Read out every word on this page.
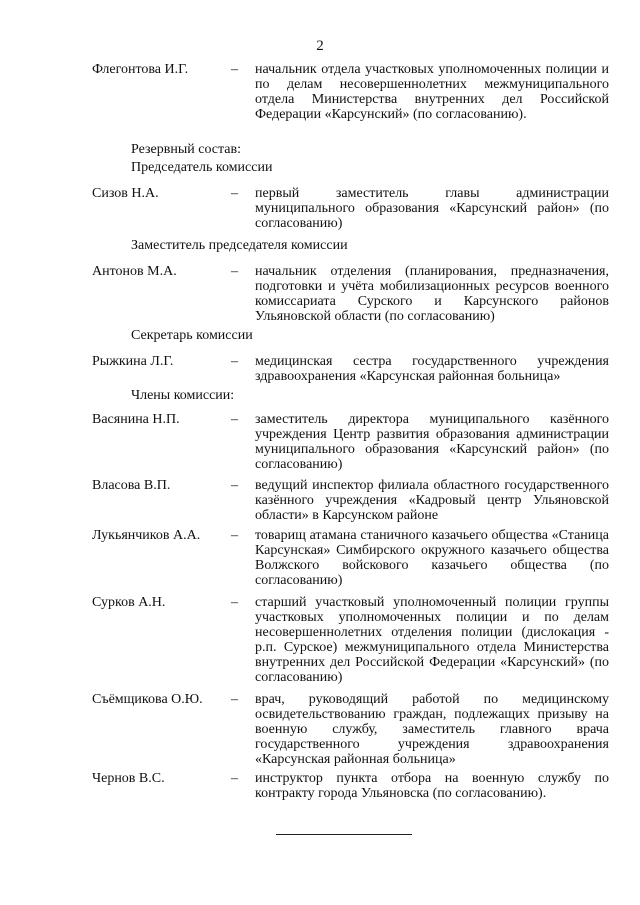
2
Флегонтова И.Г.	– начальник отдела участковых уполномоченных полиции и по делам несовершеннолетних межмуниципального отдела Министерства внутренних дел Российской Федерации «Карсунский» (по согласованию).
Резервный состав:
Председатель комиссии
Сизов Н.А.	– первый заместитель главы администрации муниципального образования «Карсунский район» (по согласованию)
Заместитель председателя комиссии
Антонов М.А.	– начальник отделения (планирования, предназначения, подготовки и учёта мобилизационных ресурсов военного комиссариата Сурского и Карсунского районов Ульяновской области (по согласованию)
Секретарь комиссии
Рыжкина Л.Г.	– медицинская сестра государственного учреждения здравоохранения «Карсунская районная больница»
Члены комиссии:
Васянина Н.П.	– заместитель директора муниципального казённого учреждения Центр развития образования администрации муниципального образования «Карсунский район» (по согласованию)
Власова В.П.	– ведущий инспектор филиала областного государственного казённого учреждения «Кадровый центр Ульяновской области» в Карсунском районе
Лукьянчиков А.А. – товарищ атамана станичного казачьего общества «Станица Карсунская» Симбирского окружного казачьего общества Волжского войскового казачьего общества (по согласованию)
Сурков А.Н.	– старший участковый уполномоченный полиции группы участковых уполномоченных полиции и по делам несовершеннолетних отделения полиции (дислокация - р.п. Сурское) межмуниципального отдела Министерства внутренних дел Российской Федерации «Карсунский» (по согласованию)
Съёмщикова О.Ю. – врач, руководящий работой по медицинскому освидетельствованию граждан, подлежащих призыву на военную службу, заместитель главного врача государственного учреждения здравоохранения «Карсунская районная больница»
Чернов В.С.	– инструктор пункта отбора на военную службу по контракту города Ульяновска (по согласованию).
